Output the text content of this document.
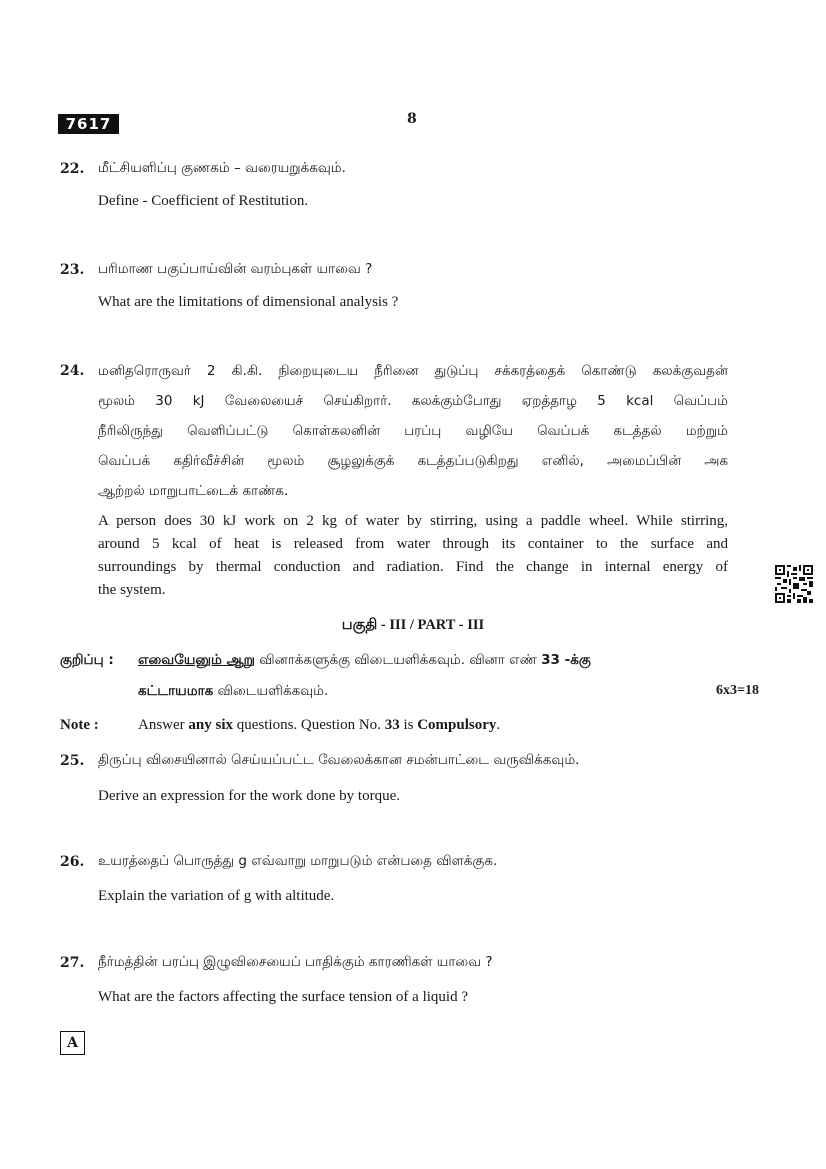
7617	8
22. மீட்சியளிப்பு குணகம் – வரையறுக்கவும்.
Define - Coefficient of Restitution.
23. பரிமாண பகுப்பாய்வின் வரம்புகள் யாவை ?
What are the limitations of dimensional analysis ?
24. மனிதரொருவர் 2 கி.கி. நிறையுடைய நீரினை துடுப்பு சக்கரத்தைக் கொண்டு கலக்குவதன்
மூலம் 30 kJ வேலையைச் செய்கிறார். கலக்கும்போது ஏறத்தாழ 5 kcal வெப்பம்
நீரிலிருந்து வெளிப்பட்டு கொள்கலனின் பரப்பு வழியே வெப்பக் கடத்தல் மற்றும்
வெப்பக் கதிர்வீச்சின் மூலம் சூழலுக்குக் கடத்தப்படுகிறது எனில், அமைப்பின் அக
ஆற்றல் மாறுபாட்டைக் காண்க.
A person does 30 kJ work on 2 kg of water by stirring, using a paddle wheel. While stirring,
around 5 kcal of heat is released from water through its container to the surface and
surroundings by thermal conduction and radiation. Find the change in internal energy of
the system.
பகுதி - III / PART - III
குறிப்பு : எவையேனும் ஆறு வினாக்களுக்கு விடையளிக்கவும். வினா எண் 33 -க்கு
கட்டாயமாக விடையளிக்கவும்.	6x3=18
Note :	Answer any six questions. Question No. 33 is Compulsory.
25. திருப்பு விசையினால் செய்யப்பட்ட வேலைக்கான சமன்பாட்டை வருவிக்கவும்.
Derive an expression for the work done by torque.
26. உயரத்தைப் பொருத்து g எவ்வாறு மாறுபடும் என்பதை விளக்குக.
Explain the variation of g with altitude.
27. நீர்மத்தின் பரப்பு இழுவிசையைப் பாதிக்கும் காரணிகள் யாவை ?
What are the factors affecting the surface tension of a liquid ?
A
